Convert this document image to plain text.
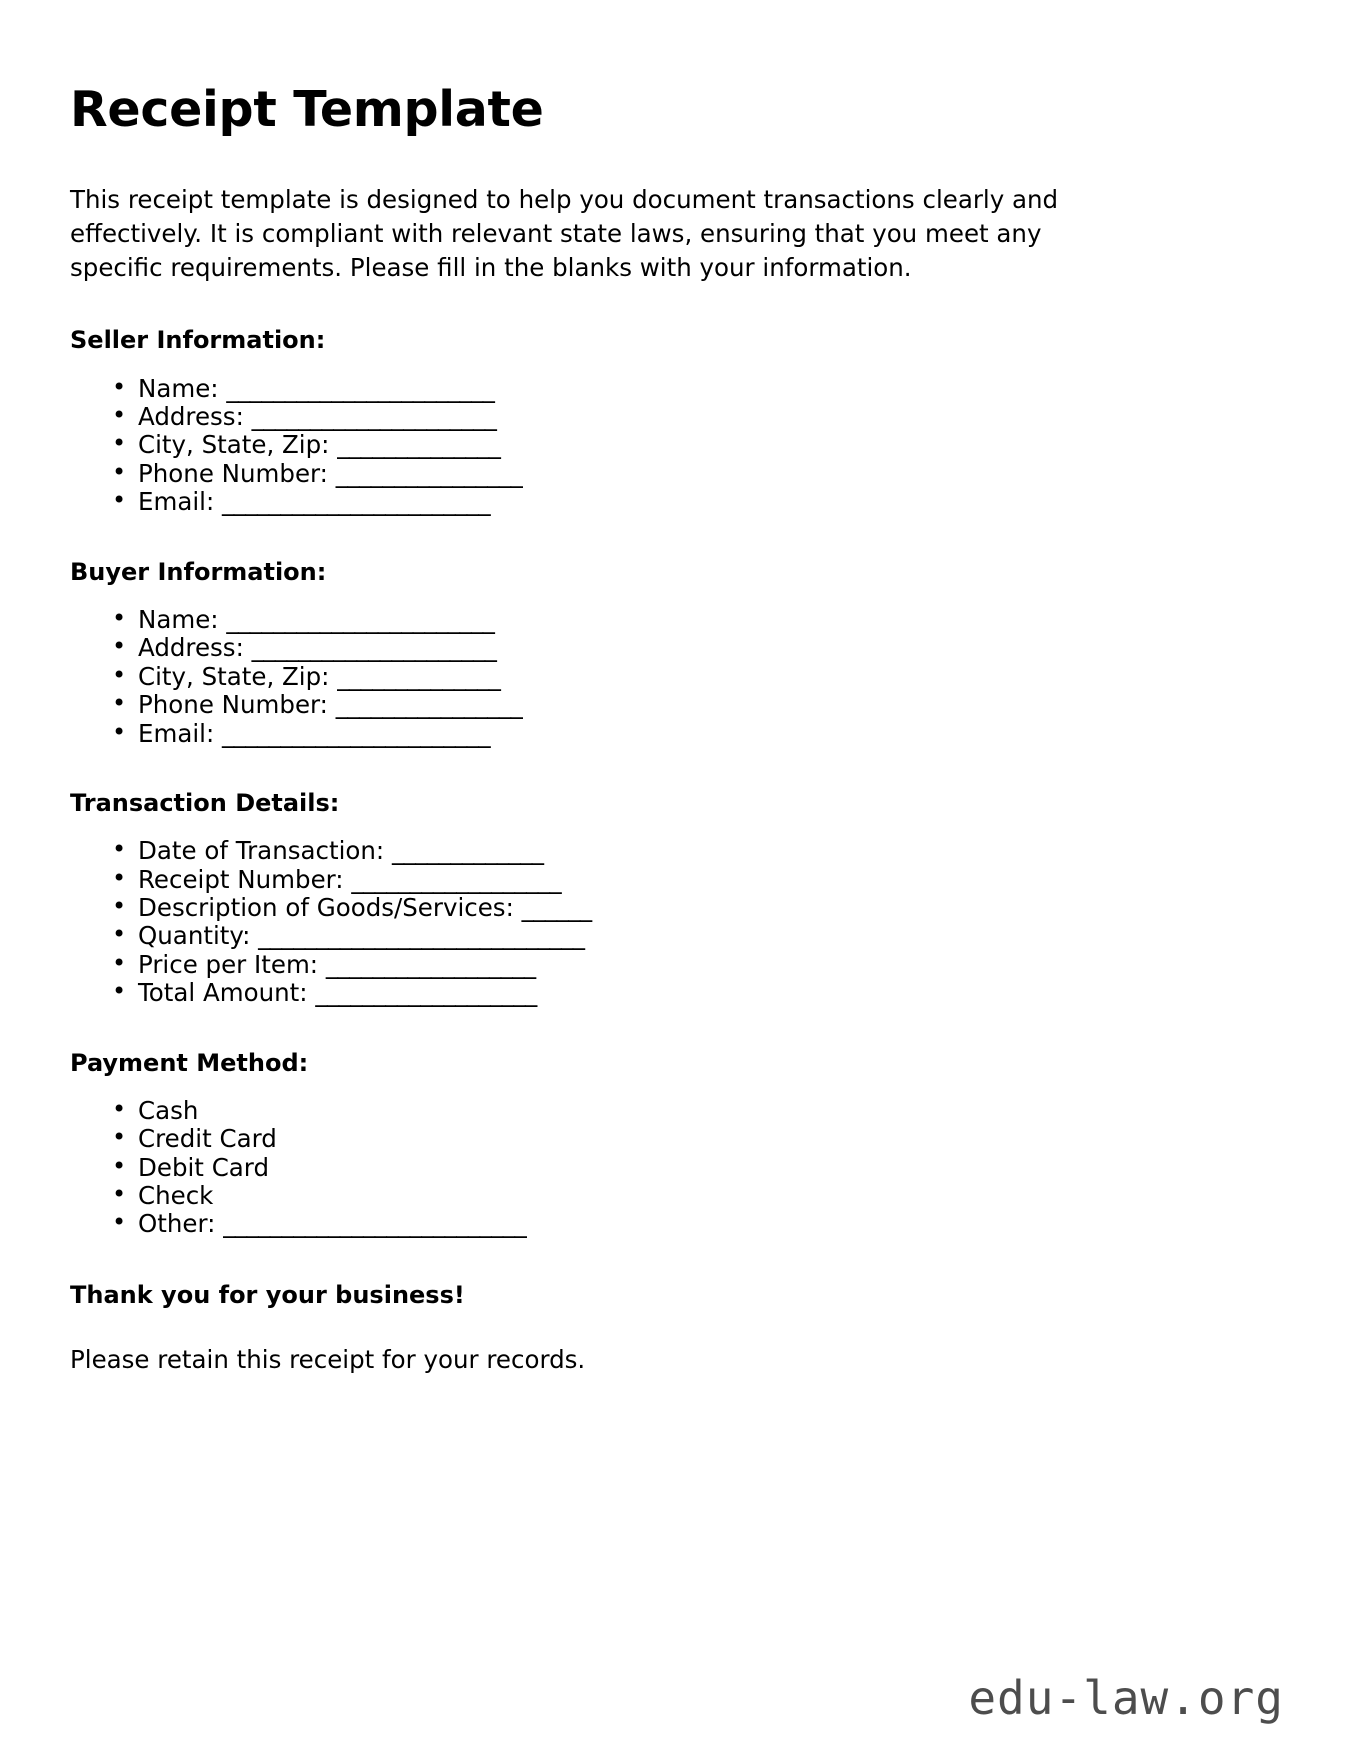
Receipt Template

This receipt template is designed to help you document transactions clearly and effectively. It is compliant with relevant state laws, ensuring that you meet any specific requirements. Please fill in the blanks with your information.

Seller Information:
• Name: _______________________
• Address: _____________________
• City, State, Zip: ______________
• Phone Number: ________________
• Email: _______________________
Buyer Information:
• Name: _______________________
• Address: _____________________
• City, State, Zip: ______________
• Phone Number: ________________
• Email: _______________________
Transaction Details:
• Date of Transaction: _____________
• Receipt Number: __________________
• Description of Goods/Services: ______
• Quantity: ____________________________
• Price per Item: __________________
• Total Amount: ___________________
Payment Method:
• Cash
• Credit Card
• Debit Card
• Check
• Other: __________________________
Thank you for your business!

Please retain this receipt for your records.

edu-law.org
